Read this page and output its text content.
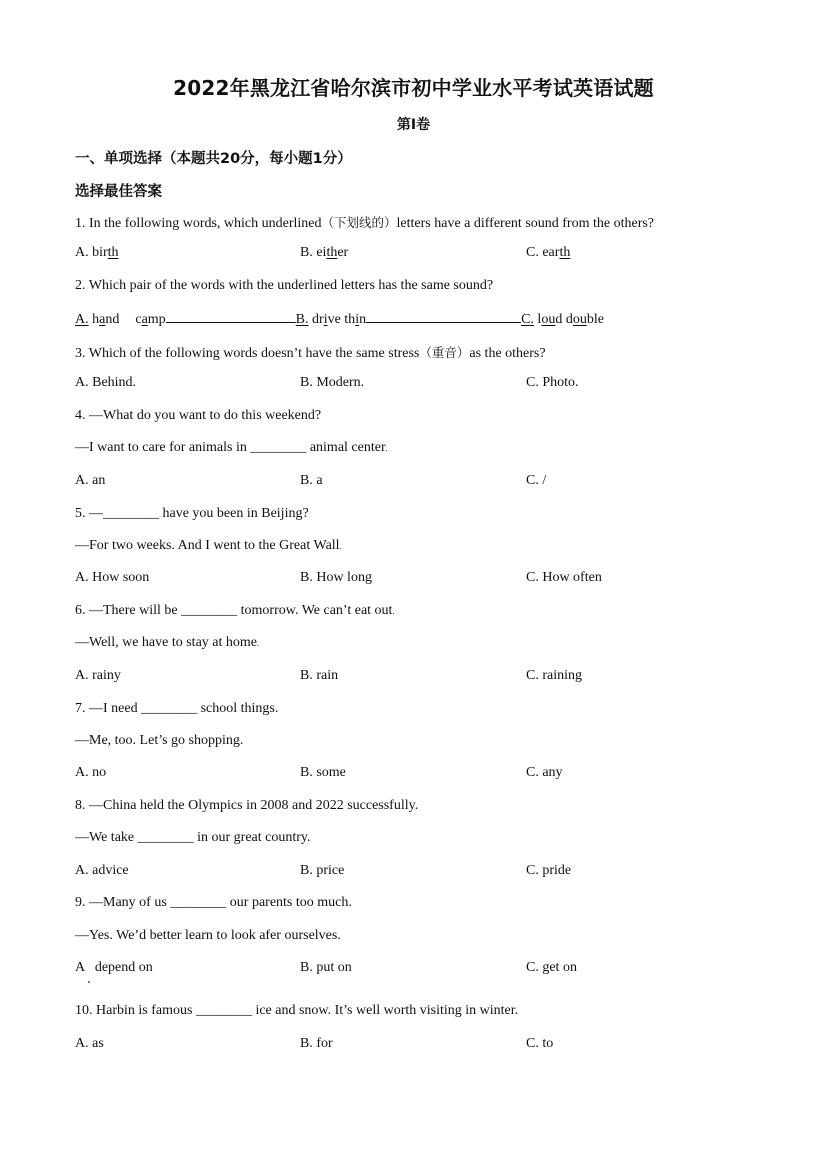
2022年黑龙江省哈尔滨市初中学业水平考试英语试题
第Ⅰ卷
一、单项选择（本题共20分，每小题1分）
选择最佳答案
1. In the following words, which underlined（下划线的）letters have a different sound from the others?
A. birth	B. either	C. earth
2. Which pair of the words with the underlined letters has the same sound?
A. hand camp	B. drive thin	C. loud double
3. Which of the following words doesn’t have the same stress（重音）as the others?
A. Behind.	B. Modern.	C. Photo.
4. —What do you want to do this weekend?
—I want to care for animals in ________ animal center.
A. an	B. a	C. /
5. —________ have you been in Beijing?
—For two weeks. And I went to the Great Wall.
A. How soon	B. How long	C. How often
6. —There will be ________ tomorrow. We can’t eat out.
—Well, we have to stay at home.
A. rainy	B. rain	C. raining
7. —I need ________ school things.
—Me, too. Let’s go shopping.
A. no	B. some	C. any
8. —China held the Olympics in 2008 and 2022 successfully.
—We take ________ in our great country.
A. advice	B. price	C. pride
9. —Many of us ________ our parents too much.
—Yes. We’d better learn to look afer ourselves.
A   depend on	B. put on	C. get on
10. Harbin is famous ________ ice and snow. It’s well worth visiting in winter.
A. as	B. for	C. to
